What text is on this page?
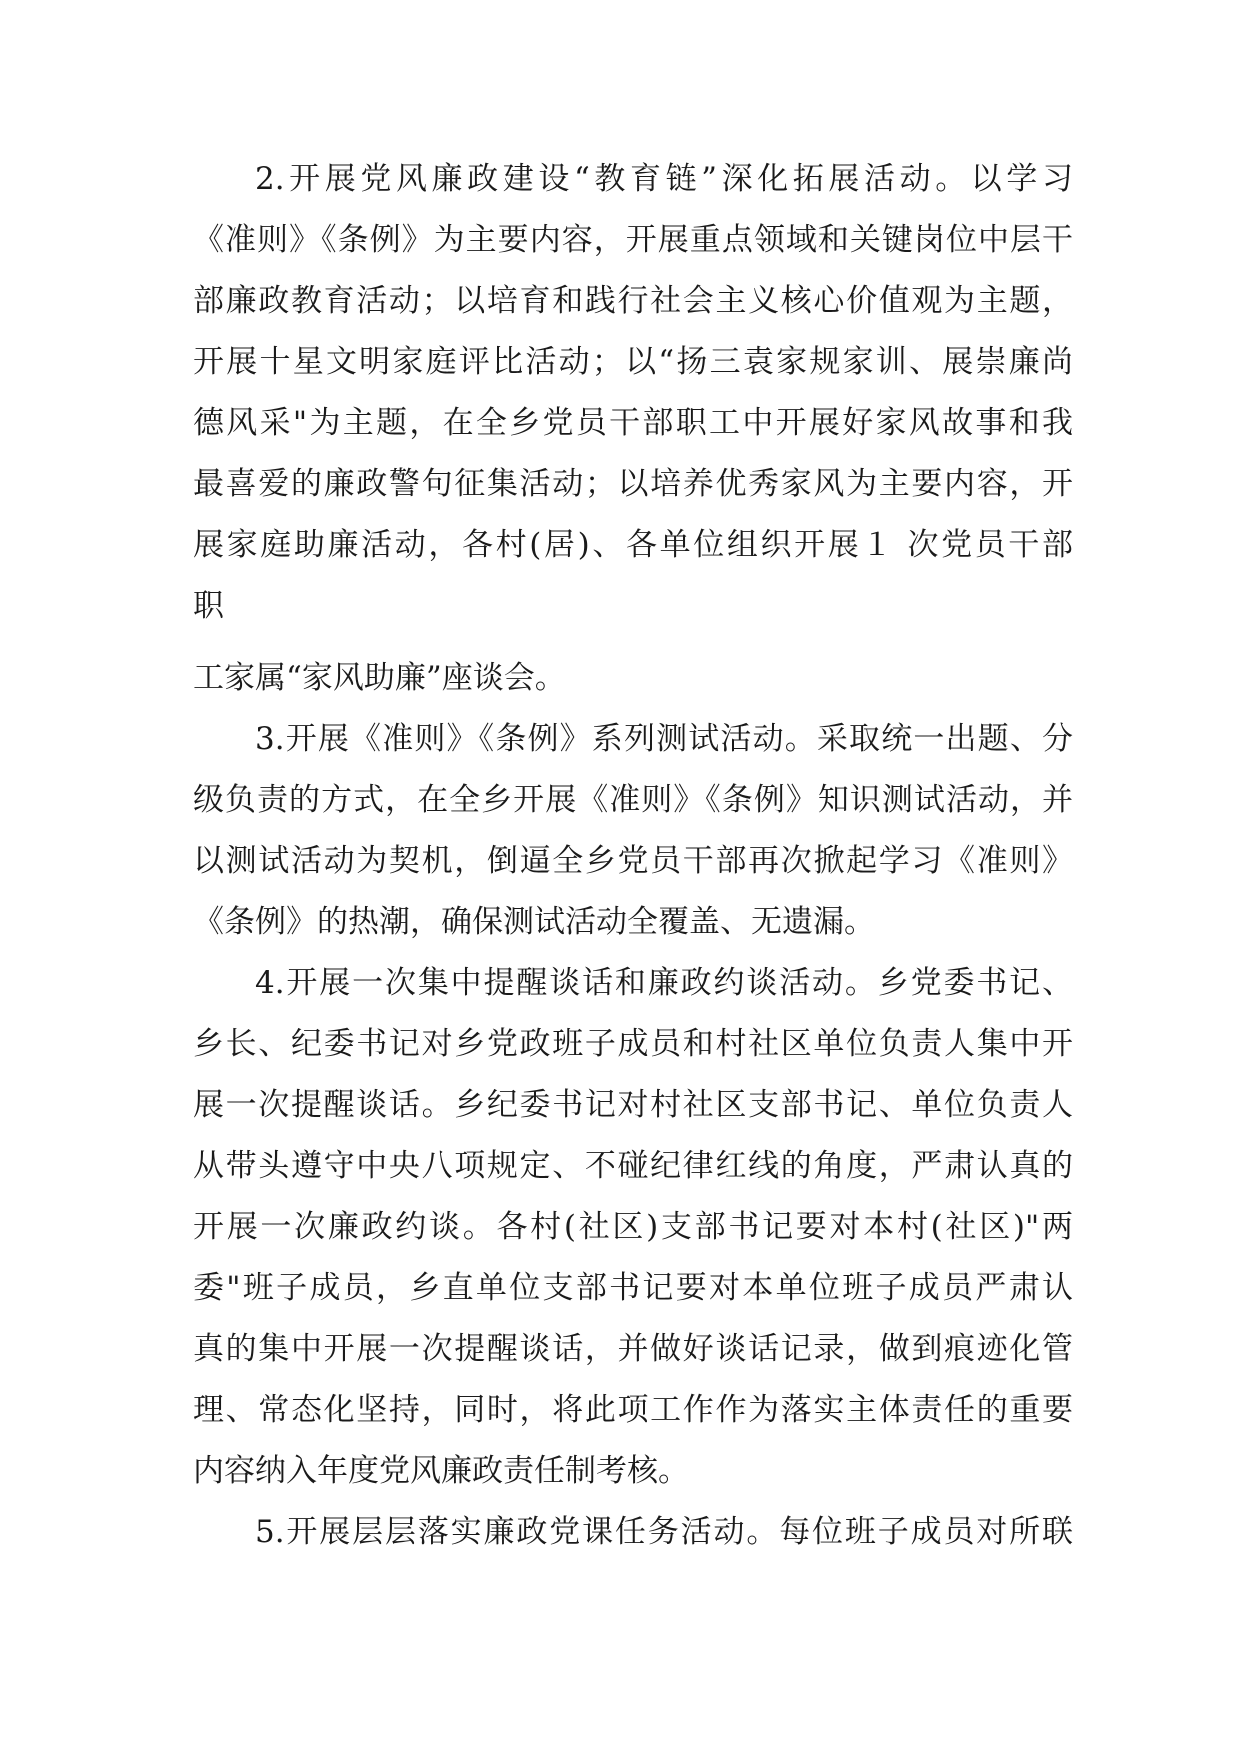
2.开展党风廉政建设“教育链”深化拓展活动。以学习
《准则》《条例》为主要内容，开展重点领域和关键岗位中层干
部廉政教育活动；以培育和践行社会主义核心价值观为主题，
开展十星文明家庭评比活动；以“扬三袁家规家训、展崇廉尚
德风采"为主题，在全乡党员干部职工中开展好家风故事和我
最喜爱的廉政警句征集活动；以培养优秀家风为主要内容，开
展家庭助廉活动，各村(居)、各单位组织开展１ 次党员干部
职
工家属“家风助廉”座谈会。
3.开展《准则》《条例》系列测试活动。采取统一出题、分
级负责的方式，在全乡开展《准则》《条例》知识测试活动，并
以测试活动为契机，倒逼全乡党员干部再次掀起学习《准则》
《条例》的热潮，确保测试活动全覆盖、无遗漏。
4.开展一次集中提醒谈话和廉政约谈活动。乡党委书记、
乡长、纪委书记对乡党政班子成员和村社区单位负责人集中开
展一次提醒谈话。乡纪委书记对村社区支部书记、单位负责人
从带头遵守中央八项规定、不碰纪律红线的角度，严肃认真的
开展一次廉政约谈。各村(社区)支部书记要对本村(社区)"两
委"班子成员，乡直单位支部书记要对本单位班子成员严肃认
真的集中开展一次提醒谈话，并做好谈话记录，做到痕迹化管
理、常态化坚持，同时，将此项工作作为落实主体责任的重要
内容纳入年度党风廉政责任制考核。
5.开展层层落实廉政党课任务活动。每位班子成员对所联
